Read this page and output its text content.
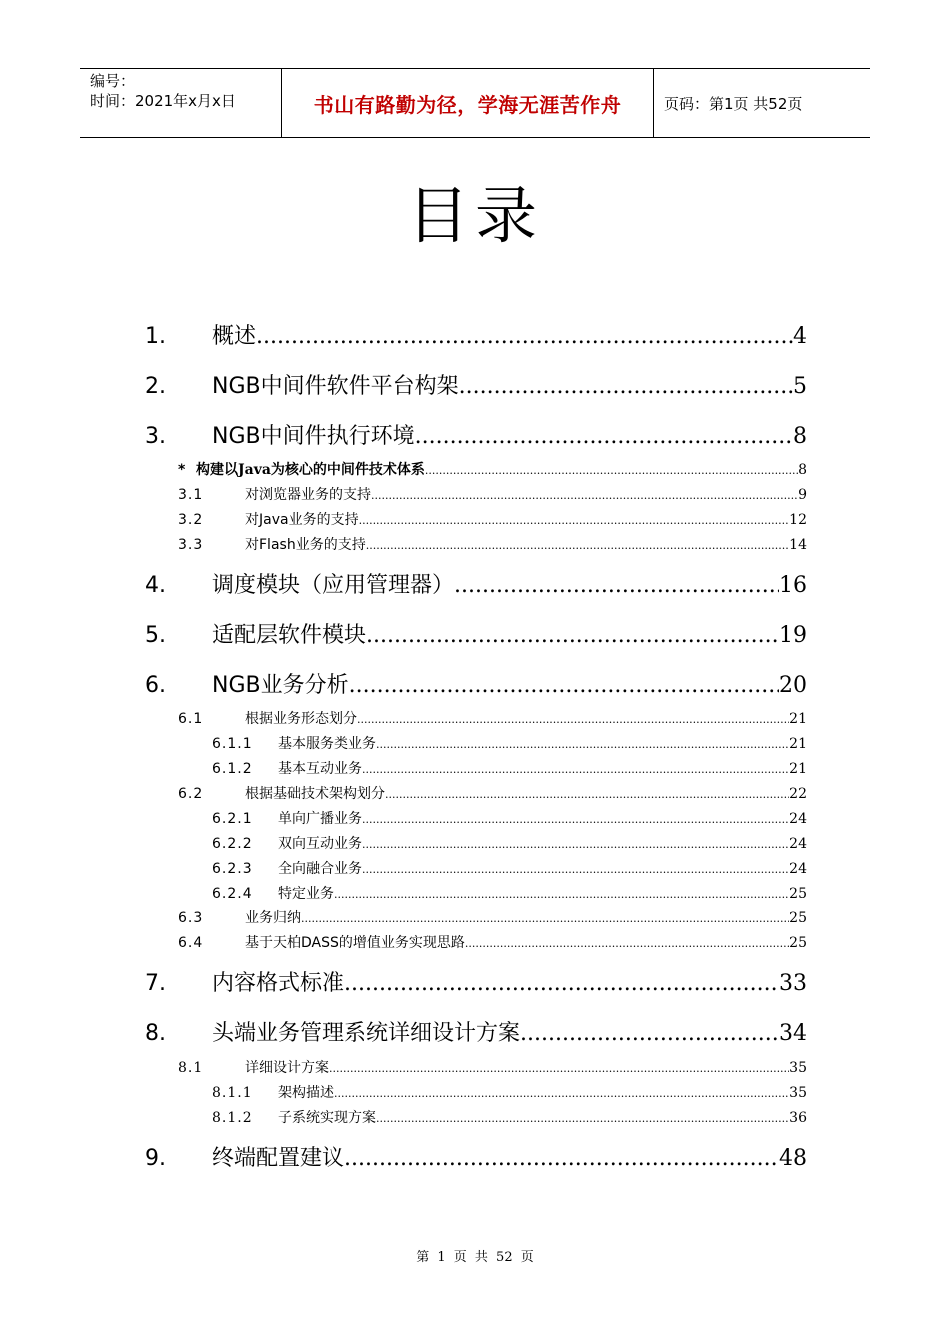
编号：
时间：2021年x月x日	书山有路勤为径，学海无涯苦作舟	页码：第1页 共52页
目录
1.	概述 .....	4
2.	NGB中间件软件平台构架 .....	5
3.	NGB中间件执行环境 .....	8
* 构建以Java为核心的中间件技术体系 .....	8
3.1	对浏览器业务的支持 .....	9
3.2	对Java业务的支持 .....	12
3.3	对Flash业务的支持 .....	14
4.	调度模块（应用管理器） .....	16
5.	适配层软件模块 .....	19
6.	NGB业务分析 .....	20
6.1	根据业务形态划分 .....	21
6.1.1	基本服务类业务 .....	21
6.1.2	基本互动业务 .....	21
6.2	根据基础技术架构划分 .....	22
6.2.1	单向广播业务 .....	24
6.2.2	双向互动业务 .....	24
6.2.3	全向融合业务 .....	24
6.2.4	特定业务 .....	25
6.3	业务归纳 .....	25
6.4	基于天柏DASS的增值业务实现思路 .....	25
7.	内容格式标准 .....	33
8.	头端业务管理系统详细设计方案 .....	34
8.1	详细设计方案 .....	35
8.1.1	架构描述 .....	35
8.1.2	子系统实现方案 .....	36
9.	终端配置建议 .....	48
第 1 页 共 52 页
